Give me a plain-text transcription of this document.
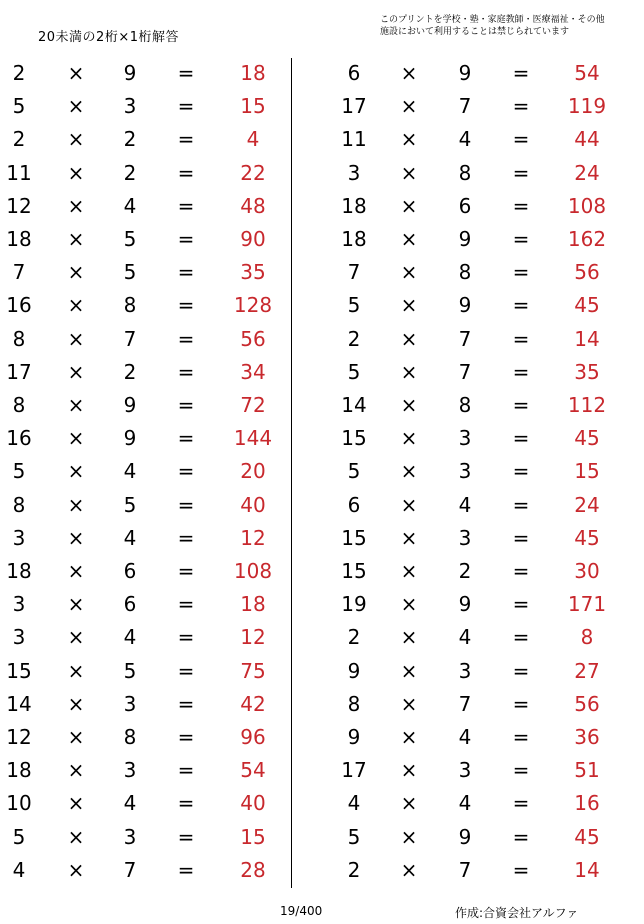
20未満の2桁×1桁解答
このプリントを学校・塾・家庭教師・医療福祉・その他
施設において利用することは禁じられています
2	×	9	=	18
5	×	3	=	15
2	×	2	=	4
11	×	2	=	22
12	×	4	=	48
18	×	5	=	90
7	×	5	=	35
16	×	8	=	128
8	×	7	=	56
17	×	2	=	34
8	×	9	=	72
16	×	9	=	144
5	×	4	=	20
8	×	5	=	40
3	×	4	=	12
18	×	6	=	108
3	×	6	=	18
3	×	4	=	12
15	×	5	=	75
14	×	3	=	42
12	×	8	=	96
18	×	3	=	54
10	×	4	=	40
5	×	3	=	15
4	×	7	=	28
6	×	9	=	54
17	×	7	=	119
11	×	4	=	44
3	×	8	=	24
18	×	6	=	108
18	×	9	=	162
7	×	8	=	56
5	×	9	=	45
2	×	7	=	14
5	×	7	=	35
14	×	8	=	112
15	×	3	=	45
5	×	3	=	15
6	×	4	=	24
15	×	3	=	45
15	×	2	=	30
19	×	9	=	171
2	×	4	=	8
9	×	3	=	27
8	×	7	=	56
9	×	4	=	36
17	×	3	=	51
4	×	4	=	16
5	×	9	=	45
2	×	7	=	14
19/400	作成:合資会社アルファ
